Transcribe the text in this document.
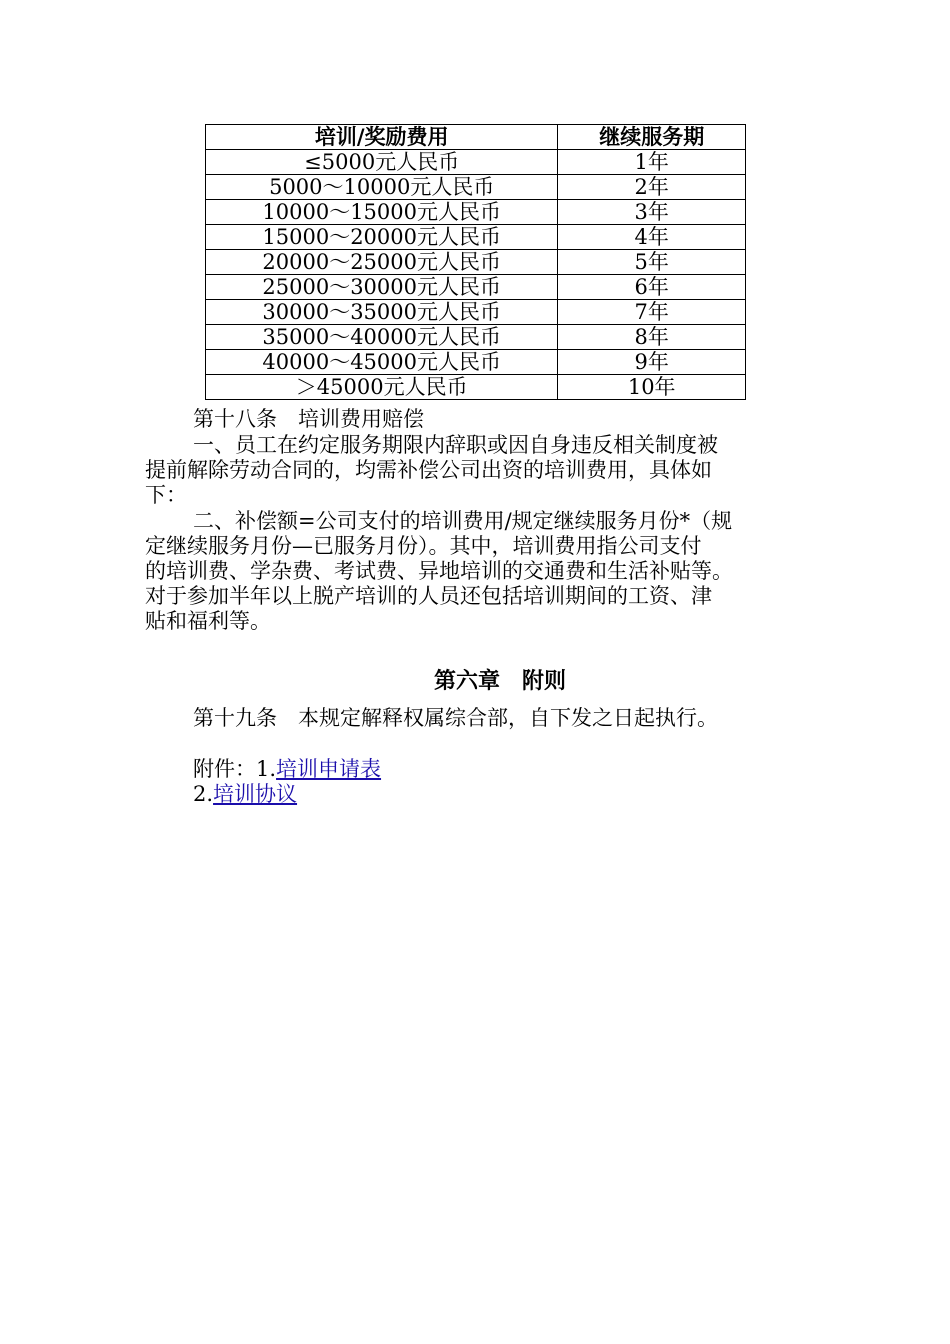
培训/奖励费用	继续服务期
≤5000元人民币	1年
5000～10000元人民币	2年
10000～15000元人民币	3年
15000～20000元人民币	4年
20000～25000元人民币	5年
25000～30000元人民币	6年
30000～35000元人民币	7年
35000～40000元人民币	8年
40000～45000元人民币	9年
＞45000元人民币	10年
第十八条　培训费用赔偿
一、员工在约定服务期限内辞职或因自身违反相关制度被
提前解除劳动合同的，均需补偿公司出资的培训费用，具体如
下：
二、补偿额=公司支付的培训费用/规定继续服务月份*（规
定继续服务月份—已服务月份）。其中，培训费用指公司支付
的培训费、学杂费、考试费、异地培训的交通费和生活补贴等。
对于参加半年以上脱产培训的人员还包括培训期间的工资、津
贴和福利等。
第六章　附则
第十九条　本规定解释权属综合部，自下发之日起执行。
附件：1.培训申请表
2.培训协议
